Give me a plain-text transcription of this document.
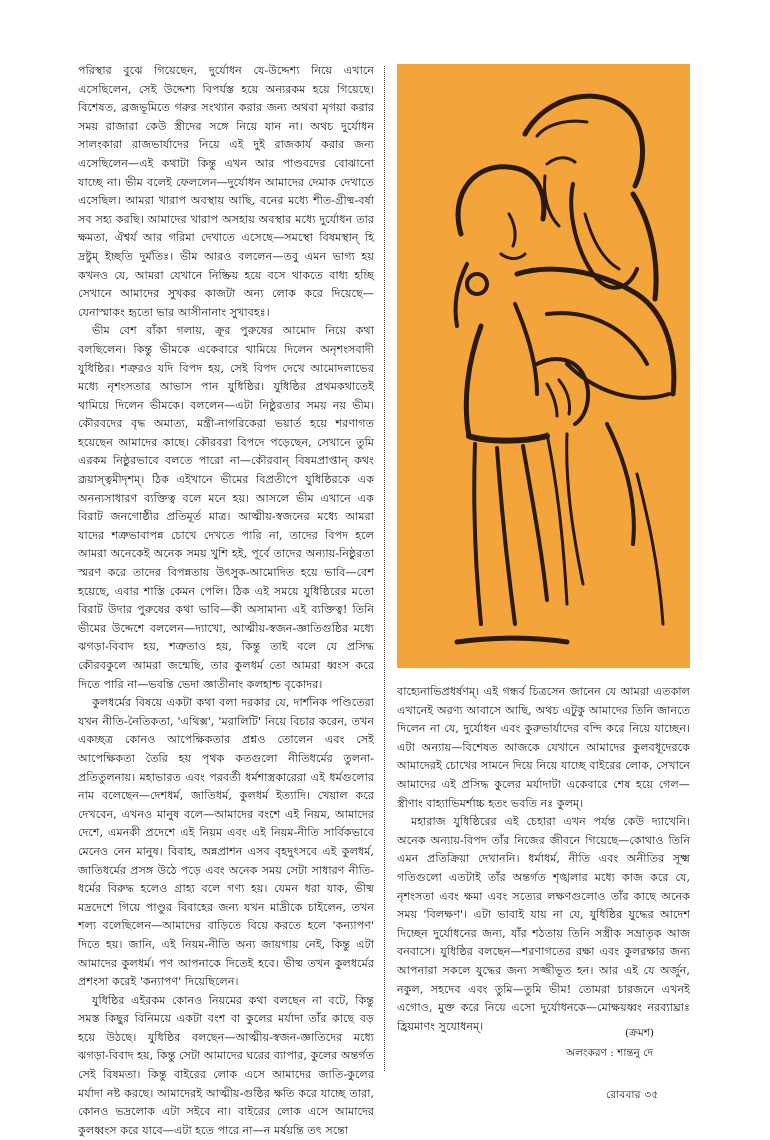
পরিস্থার বুঝে গিয়েছেন, দুর্যোধন যে-উদ্দেশ্য নিয়ে এখানে এসেছিলেন, সেই উদ্দেশ্য বিপর্যস্ত হয়ে অন্যরকম হয়ে গিয়েছে। বিশেষত, ব্রজভূমিতে গরুর সংখ্যান করার জন্য অথবা মৃগয়া করার সময় রাজারা কেউ স্ত্রীদের সঙ্গে নিয়ে যান না। অথচ দুর্যোধন সালংকারা রাজভার্যাদের নিয়ে এই দুই রাজকার্য করার জন্য এসেছিলেন—এই কথাটা কিন্তু এখন আর পাণ্ডবদের বোঝানো যাচ্ছে না। ভীম বলেই ফেললেন—দুর্যোধন আমাদের দেমাক দেখাতে এসেছিল। আমরা খারাপ অবস্থায় আছি, বনের মধ্যে শীত-গ্রীষ্ম-বর্ষা সব সহ্য করছি। আমাদের খারাপ অসহায় অবস্থার মধ্যে দুর্যোধন তার ক্ষমতা, ঐশ্বর্য আর গরিমা দেখাতে এসেছে—সমস্থো বিষমস্থান্ হি দ্রষ্টুম্ ইচ্ছতি দুর্মতিঃ। ভীম আরও বললেন—তবু এমন ভাগ্য হয় কখনও যে, আমরা যেখানে নিষ্ক্রিয় হয়ে বসে থাকতে বাধ্য হচ্ছি সেখানে আমাদের সুখকর কাজটা অন্য লোক করে দিয়েছে—যেনাস্মাকং হৃতো ভার আসীনানাং সুখাবহঃ।

ভীম বেশ বাঁকা গলায়, ক্রূর পুরুষের আমোদ নিয়ে কথা বলছিলেন। কিন্তু ভীমকে একেবারে থামিয়ে দিলেন অনৃশংসবাদী যুধিষ্ঠির। শত্রুরও যদি বিপদ হয়, সেই বিপদ দেখে আমোদলাভের মধ্যে নৃশংসতার আভাস পান যুধিষ্ঠির। যুধিষ্ঠির প্রথমকথাতেই থামিয়ে দিলেন ভীমকে। বললেন—এটা নিষ্ঠুরতার সময় নয় ভীম। কৌরবদের বৃদ্ধ অমাত্য, মন্ত্রী-নাগরিকেরা ভয়ার্ত হয়ে শরণাগত হয়েছেন আমাদের কাছে। কৌরবরা বিপদে পড়েছেন, সেখানে তুমি এরকম নিষ্ঠুরভাবে বলতে পারো না—কৌরবান্ বিষমপ্রাপ্তান্ কথং ব্রূয়াস্ত্বমীদৃশম্। ঠিক এইখানে ভীমের বিপ্রতীপে যুধিষ্ঠিরকে এক অনন্যসাধারণ ব্যক্তিত্ব বলে মনে হয়। আসলে ভীম এখানে এক বিরাট জনগোষ্ঠীর প্রতিমূর্ত মাত্র। আত্মীয়-স্বজনের মধ্যে আমরা যাদের শত্রুভাবাপন্ন চোখে দেখতে পারি না, তাদের বিপদ হলে আমরা অনেকেই অনেক সময় খুশি হই, পূর্বে তাদের অন্যায়-নিষ্ঠুরতা স্মরণ করে তাদের বিপন্নতায় উৎসুক-আমোদিত হয়ে ভাবি—বেশ হয়েছে, এবার শাস্তি কেমন পেলি। ঠিক এই সময়ে যুধিষ্ঠিরের মতো বিরাট উদার পুরুষের কথা ভাবি—কী অসামান্য এই ব্যক্তিত্ব! তিনি ভীমের উদ্দেশে বললেন—দ্যাখো, আত্মীয়-স্বজন-জ্ঞাতিগুষ্ঠির মধ্যে ঝগড়া-বিবাদ হয়, শত্রুতাও হয়, কিন্তু তাই বলে যে প্রসিদ্ধ কৌরবকুলে আমরা জন্মেছি, তার কুলধর্ম তো আমরা ধ্বংস করে দিতে পারি না—ভবন্তি ভেদা জ্ঞাতীনাং কলহাশ্চ বৃকোদর।

কুলধর্মের বিষয়ে একটা কথা বলা দরকার যে, দার্শনিক পণ্ডিতেরা যখন নীতি-নৈতিকতা, 'এথিক্স', 'মরালিটি' নিয়ে বিচার করেন, তখন একচ্ছত্র কোনও আপেক্ষিকতার প্রশ্নও তোলেন এবং সেই আপেক্ষিকতা তৈরি হয় পৃথক কতগুলো নীতিধর্মের তুলনা-প্রতিতুলনায়। মহাভারত এবং পরবর্তী ধর্মশাস্ত্রকারেরা এই ধর্মগুলোর নাম বলেছেন—দেশধর্ম, জাতিধর্ম, কুলধর্ম ইত্যাদি। খেয়াল করে দেখবেন, এখনও মানুষ বলে—আমাদের বংশে এই নিয়ম, আমাদের দেশে, এমনকী প্রদেশে এই নিয়ম এবং এই নিয়ম-নীতি সার্বিকভাবে মেনেও নেন মানুষ। বিবাহ, অন্নপ্রাশন এসব বৃহদুৎসবে এই কুলধর্ম, জাতিধর্মের প্রসঙ্গ উঠে পড়ে এবং অনেক সময় সেটা সাধারণ নীতি-ধর্মের বিরুদ্ধ হলেও গ্রাহ্য বলে গণ্য হয়। যেমন ধরা যাক, ভীষ্ম মদ্রদেশে গিয়ে পাণ্ডুর বিবাহের জন্য যখন মাদ্রীকে চাইলেন, তখন শল্য বলেছিলেন—আমাদের বাড়িতে বিয়ে করতে হলে 'কন্যাপণ' দিতে হয়। জানি, এই নিয়ম-নীতি অন্য জায়গায় নেই, কিন্তু এটা আমাদের কুলধর্ম। পণ আপনাকে দিতেই হবে। ভীষ্ম তখন কুলধর্মের প্রশংসা করেই 'কন্যাপণ' দিয়েছিলেন।

যুধিষ্ঠির এইরকম কোনও নিয়মের কথা বলছেন না বটে, কিন্তু সমস্ত কিছুর বিনিময়ে একটা বংশ বা কুলের মর্যাদা তাঁর কাছে বড় হয়ে উঠছে। যুধিষ্ঠির বলছেন—আত্মীয়-স্বজন-জ্ঞাতিদের মধ্যে ঝগড়া-বিবাদ হয়, কিন্তু সেটা আমাদের ঘরের ব্যাপার, কুলের অন্তর্গত সেই বিষমতা। কিন্তু বাইরের লোক এসে আমাদের জাতি-কুলের মর্যাদা নষ্ট করছে। আমাদেরই আত্মীয়-গুষ্ঠির ক্ষতি করে যাচ্ছে তারা, কোনও ভদ্রলোক এটা সইবে না। বাইরের লোক এসে আমাদের কুলধ্বংস করে যাবে—এটা হতে পারে না—ন মর্ষয়ন্তি তৎ সন্তো

বাহ্যেনাভিপ্রধর্ষণম্। এই গন্ধর্ব চিত্রসেন জানেন যে আমরা এতকাল এখানেই অরণ্য আবাসে আছি, অথচ এটুকু আমাদের তিনি জানতে দিলেন না যে, দুর্যোধন এবং কুরুভার্যাদের বন্দি করে নিয়ে যাচ্ছেন। এটা অন্যায়—বিশেষত আজকে যেখানে আমাদের কুলবধূদেরকে আমাদেরই চোখের সামনে দিয়ে নিয়ে যাচ্ছে বাইরের লোক, সেখানে আমাদের এই প্রসিদ্ধ কুলের মর্যাদাটা একেবারে শেষ হয়ে গেল—স্ত্রীণাং বাহ্যাভিমর্শাচ্চ হতং ভবতি নঃ কুলম্।

মহারাজ যুধিষ্ঠিরের এই চেহারা এখন পর্যন্ত কেউ দ্যাখেনি। অনেক অন্যায়-বিপদ তাঁর নিজের জীবনে গিয়েছে—কোথাও তিনি এমন প্রতিক্রিয়া দেখাননি। ধর্মাধর্ম, নীতি এবং অনীতির সূক্ষ্ম গতিগুলো এতটাই তাঁর অন্তর্গত শৃঙ্খলার মধ্যে কাজ করে যে, নৃশংসতা এবং ক্ষমা এবং সত্যের লক্ষণগুলোও তাঁর কাছে অনেক সময় 'বিলক্ষণ'। এটা ভাবাই যায় না যে, যুধিষ্ঠির যুদ্ধের আদেশ দিচ্ছেন দুর্যোধনের জন্য, যাঁর শঠতায় তিনি সস্ত্রীক সভ্রাতৃক আজ বনবাসে। যুধিষ্ঠির বলছেন—শরণাগতের রক্ষা এবং কুলরক্ষার জন্য আপনারা সকলে যুদ্ধের জন্য সজ্জীভূত হন। আর এই যে অর্জুন, নকুল, সহদেব এবং তুমি—তুমি ভীম! তোমরা চারজনে এখনই এগোও, মুক্ত করে নিয়ে এসো দুর্যোধনকে—মোক্ষয়ধ্বং নরব্যাঘ্রাঃ হ্রিয়মাণং সুযোধনম্।

(ক্রমশ)
অলংকরণ : শান্তনু দে
রোববার ৩৫
